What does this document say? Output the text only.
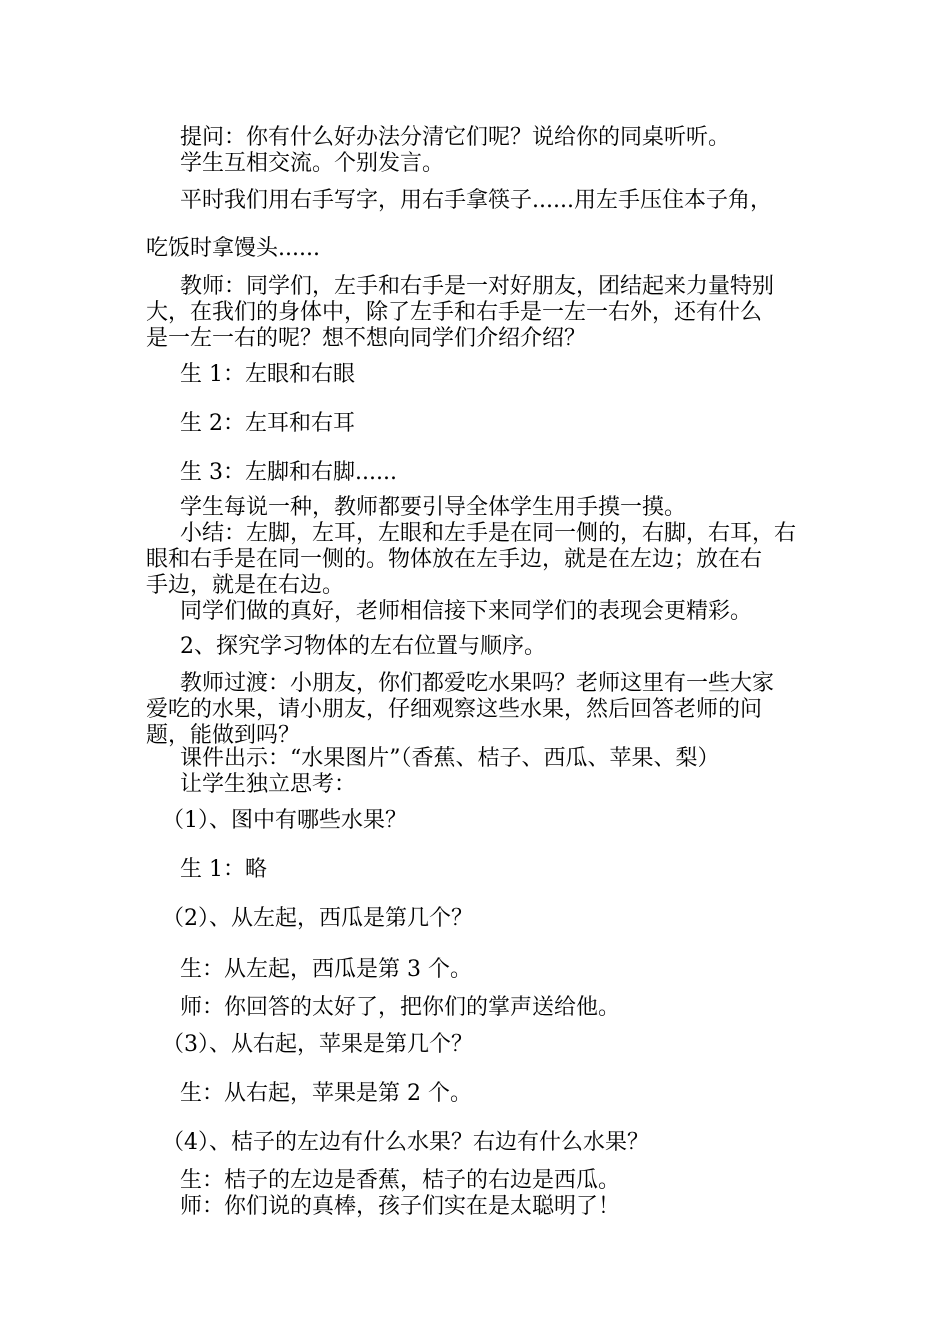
提问：你有什么好办法分清它们呢？说给你的同桌听听。
学生互相交流。个别发言。
平时我们用右手写字，用右手拿筷子......用左手压住本子角，
吃饭时拿馒头......
教师：同学们，左手和右手是一对好朋友，团结起来力量特别
大，在我们的身体中，除了左手和右手是一左一右外，还有什么
是一左一右的呢？想不想向同学们介绍介绍？
生 1：左眼和右眼
生 2：左耳和右耳
生 3：左脚和右脚......
学生每说一种，教师都要引导全体学生用手摸一摸。
小结：左脚，左耳，左眼和左手是在同一侧的，右脚，右耳，右
眼和右手是在同一侧的。物体放在左手边，就是在左边；放在右
手边，就是在右边。
同学们做的真好，老师相信接下来同学们的表现会更精彩。
2、探究学习物体的左右位置与顺序。
教师过渡：小朋友，你们都爱吃水果吗？老师这里有一些大家
爱吃的水果，请小朋友，仔细观察这些水果，然后回答老师的问
题，能做到吗？
课件出示：“水果图片”（香蕉、桔子、西瓜、苹果、梨）
让学生独立思考：
（1）、图中有哪些水果？
生 1：略
（2）、从左起，西瓜是第几个？
生：从左起，西瓜是第 3 个。
师：你回答的太好了，把你们的掌声送给他。
（3）、从右起，苹果是第几个？
生：从右起，苹果是第 2 个。
（4）、桔子的左边有什么水果？右边有什么水果？
生：桔子的左边是香蕉，桔子的右边是西瓜。
师：你们说的真棒，孩子们实在是太聪明了！
